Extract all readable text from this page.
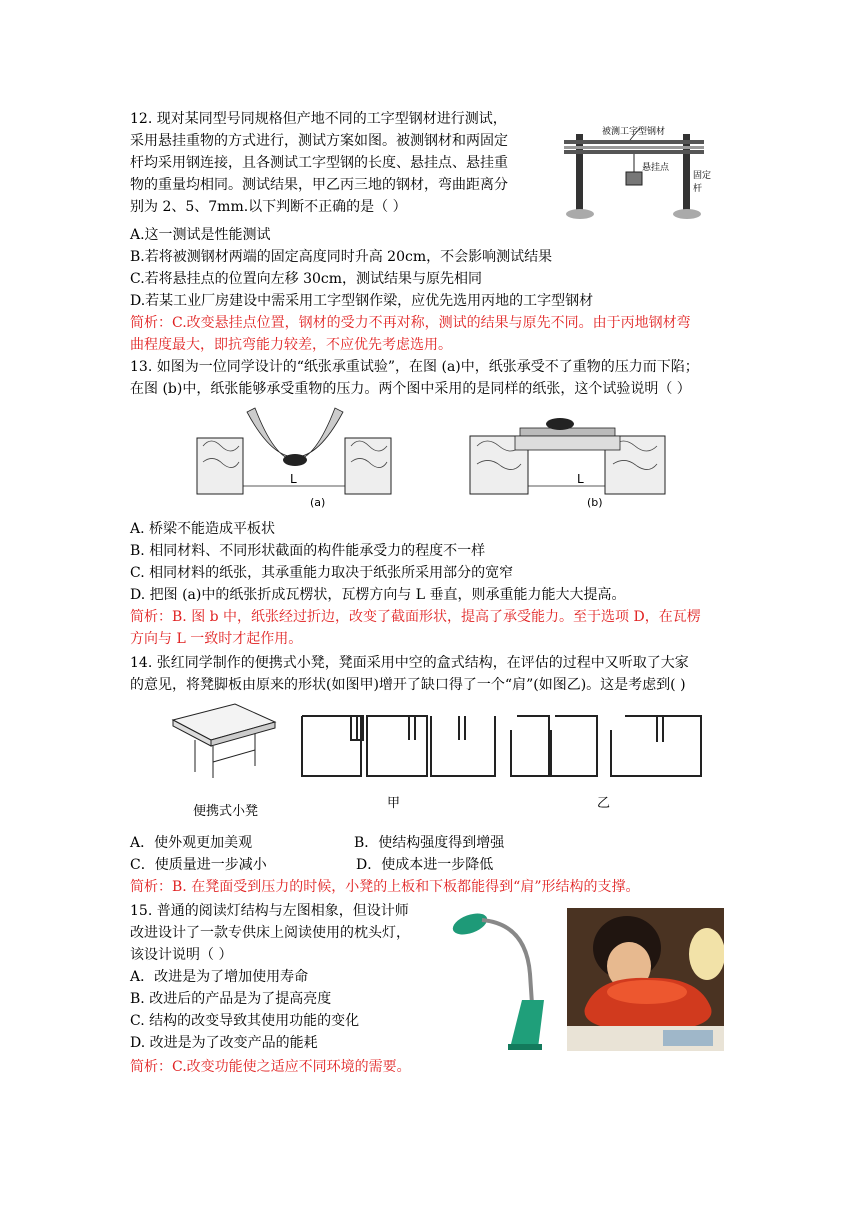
12. 现对某同型号同规格但产地不同的工字型钢材进行测试，
采用悬挂重物的方式进行，测试方案如图。被测钢材和两固定
杆均采用钢连接，且各测试工字型钢的长度、悬挂点、悬挂重
物的重量均相同。测试结果，甲乙丙三地的钢材，弯曲距离分
别为 2、5、7mm.以下判断不正确的是（ ）
被测工字型钢材
悬挂点
固定杆
A.这一测试是性能测试
B.若将被测钢材两端的固定高度同时升高 20cm，不会影响测试结果
C.若将悬挂点的位置向左移 30cm，测试结果与原先相同
D.若某工业厂房建设中需采用工字型钢作梁，应优先选用丙地的工字型钢材
简析：C.改变悬挂点位置，钢材的受力不再对称，测试的结果与原先不同。由于丙地钢材弯
曲程度最大，即抗弯能力较差，不应优先考虑选用。
13. 如图为一位同学设计的“纸张承重试验”，在图 (a)中，纸张承受不了重物的压力而下陷；
在图 (b)中，纸张能够承受重物的压力。两个图中采用的是同样的纸张，这个试验说明（ ）
L
(a)
L
(b)
A. 桥梁不能造成平板状
B. 相同材料、不同形状截面的构件能承受力的程度不一样
C. 相同材料的纸张，其承重能力取决于纸张所采用部分的宽窄
D. 把图 (a)中的纸张折成瓦楞状，瓦楞方向与 L 垂直，则承重能力能大大提高。
简析：B. 图 b 中，纸张经过折边，改变了截面形状，提高了承受能力。至于选项 D，在瓦楞
方向与 L 一致时才起作用。
14. 张红同学制作的便携式小凳，凳面采用中空的盒式结构，在评估的过程中又听取了大家
的意见，将凳脚板由原来的形状(如图甲)增开了缺口得了一个“肩”(如图乙)。这是考虑到( )
便携式小凳
甲	乙
A．使外观更加美观	B．使结构强度得到增强
C．使质量进一步减小	D．使成本进一步降低
简析：B. 在凳面受到压力的时候，小凳的上板和下板都能得到“肩”形结构的支撑。
15. 普通的阅读灯结构与左图相象，但设计师
改进设计了一款专供床上阅读使用的枕头灯，
该设计说明（ ）
A．改进是为了增加使用寿命
B. 改进后的产品是为了提高亮度
C. 结构的改变导致其使用功能的变化
D. 改进是为了改变产品的能耗
简析：C.改变功能使之适应不同环境的需要。
